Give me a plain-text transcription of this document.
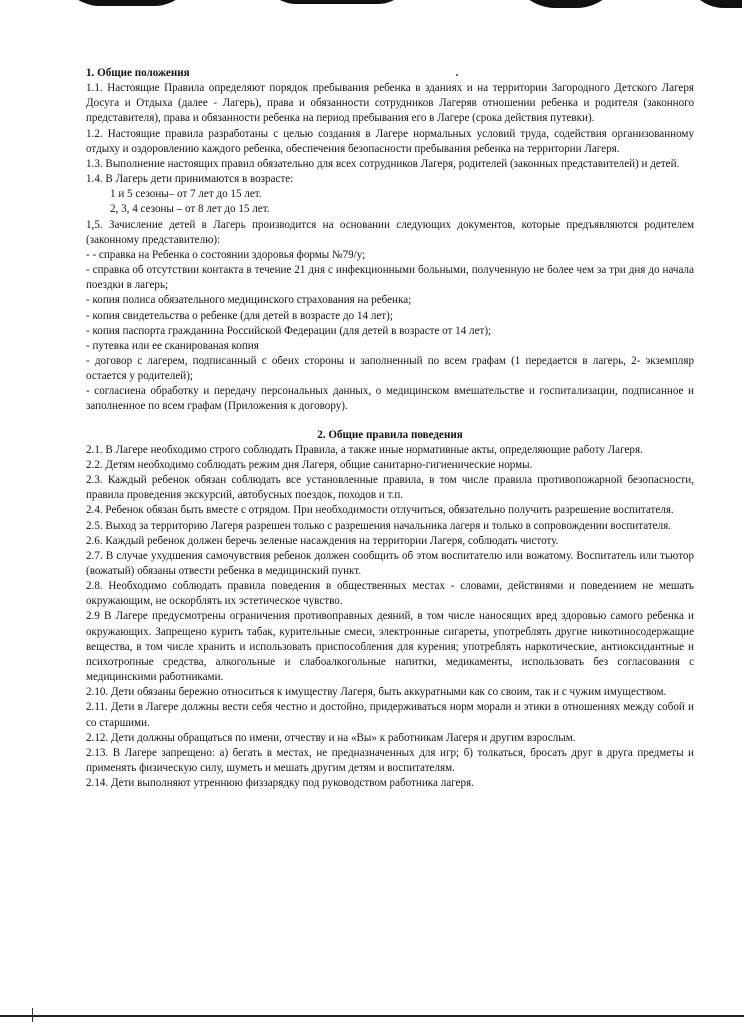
1. Общие положения

1.1. Настоящие Правила определяют порядок пребывания ребенка в зданиях и на территории Загородного Детского Лагеря Досуга и Отдыха (далее - Лагерь), права и обязанности сотрудников Лагеряв отношении ребенка и родителя (законного представителя), права и обязанности ребенка на период пребывания его в Лагере (срока действия путевки).

1.2. Настоящие правила разработаны с целью создания в Лагере нормальных условий труда, содействия организованному отдыху и оздоровлению каждого ребенка, обеспечения безопасности пребывания ребенка на территории Лагеря.

1.3. Выполнение настоящих правил обязательно для всех сотрудников Лагеря, родителей (законных представителей) и детей.

1.4. В Лагерь дети принимаются в возрасте:

1 и 5 сезоны– от 7 лет до 15 лет.

2, 3, 4 сезоны – от 8 лет до 15 лет.

1,5. Зачисление детей в Лагерь производится на основании следующих документов, которые предъявляются родителем (законному представителю):

- - справка на Ребенка о состоянии здоровья формы №79/у;

- справка об отсутствии контакта в течение 21 дня с инфекционными больными, полученную не более чем за три дня до начала поездки в лагерь;

- копия полиса обязательного медицинского страхования на ребенка;

- копия свидетельства о ребенке (для детей в возрасте до 14 лет);

- копия паспорта гражданина Российской Федерации (для детей в возрасте от 14 лет);

- путевка или ее сканированая копия

- договор с лагерем, подписанный с обеих стороны и заполненный по всем графам (1 передается в лагерь, 2- экземпляр остается у родителей);

- согласиена обработку и передачу персональных данных, о медицинском вмешательстве и госпитализации, подписанное и заполненное по всем графам (Приложения к договору).

2. Общие правила поведения

2.1. В Лагере необходимо строго соблюдать Правила, а также иные нормативные акты, определяющие работу Лагеря.

2.2. Детям необходимо соблюдать режим дня Лагеря, общие санитарно-гигиенические нормы.

2.3. Каждый ребенок обязан соблюдать все установленные правила, в том числе правила противопожарной безопасности, правила проведения экскурсий, автобусных поездок, походов и т.п.

2.4. Ребенок обязан быть вместе с отрядом. При необходимости отлучиться, обязательно получить разрешение воспитателя.

2.5. Выход за территорию Лагеря разрешен только с разрешения начальника лагеря и только в сопровождении воспитателя.

2.6. Каждый ребенок должен беречь зеленые насаждения на территории Лагеря, соблюдать чистоту.

2.7. В случае ухудшения самочувствия ребенок должен сообщить об этом воспитателю или вожатому. Воспитатель или тьютор (вожатый) обязаны отвести ребенка в медицинский пункт.

2.8. Необходимо соблюдать правила поведения в общественных местах - словами, действиями и поведением не мешать окружающим, не оскорблять их эстетическое чувство.

2.9 В Лагере предусмотрены ограничения противоправных деяний, в том числе наносящих вред здоровью самого ребенка и окружающих. Запрещено курить табак, курительные смеси, электронные сигареты, употреблять другие никотиносодержащие вещества, в том числе хранить и использовать приспособления для курения; употреблять наркотические, антиоксидантные и психотропные средства, алкогольные и слабоалкогольные напитки, медикаменты, использовать без согласования с медицинскими работниками.

2.10. Дети обязаны бережно относиться к имуществу Лагеря, быть аккуратными как со своим, так и с чужим имуществом.

2.11. Дети в Лагере должны вести себя честно и достойно, придерживаться норм морали и этики в отношениях между собой и со старшими.

2.12. Дети должны обращаться по имени, отчеству и на «Вы» к работникам Лагеря и другим взрослым.

2.13. В Лагере запрещено: а) бегать в местах, не предназначенных для игр; б) толкаться, бросать друг в друга предметы и применять физическую силу, шуметь и мешать другим детям и воспитателям.

2.14. Дети выполняют утреннюю физзарядку под руководством работника лагеря.
